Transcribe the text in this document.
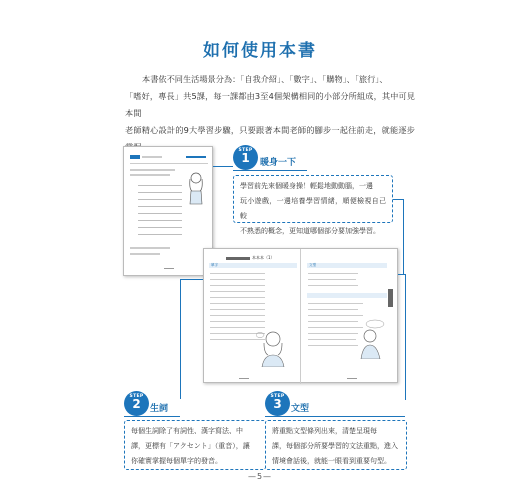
如何使用本書

本書依不同生活場景分為：「自我介紹」、「數字」、「購物」、「旅行」、

「嗜好，專長」共5課，每一課都由3至4個架構相同的小部分所組成，其中可見本間

老師精心設計的9大學習步驟，只要跟著本間老師的腳步一起往前走，就能逐步

STEP
1	暖身一下
學習前先來個暖身操！輕鬆地動動腦，一邊
玩小遊戲，一邊培養學習情緒，順便檢視自己較
不熟悉的概念，更知道哪個部分要加強學習。
本本本（1）
單字	文型
STEP
2	生詞
每個生詞除了有詞性、漢字寫法、中
譯，更標有「アクセント」（重音），讓
你確實掌握每個單字的發音。
STEP
3	文型
將重點文型條列出來，清楚呈現每
課，每個部分所要學習的文法重點，進入
情境會話後，就能一眼看到重要句型。
—5—
